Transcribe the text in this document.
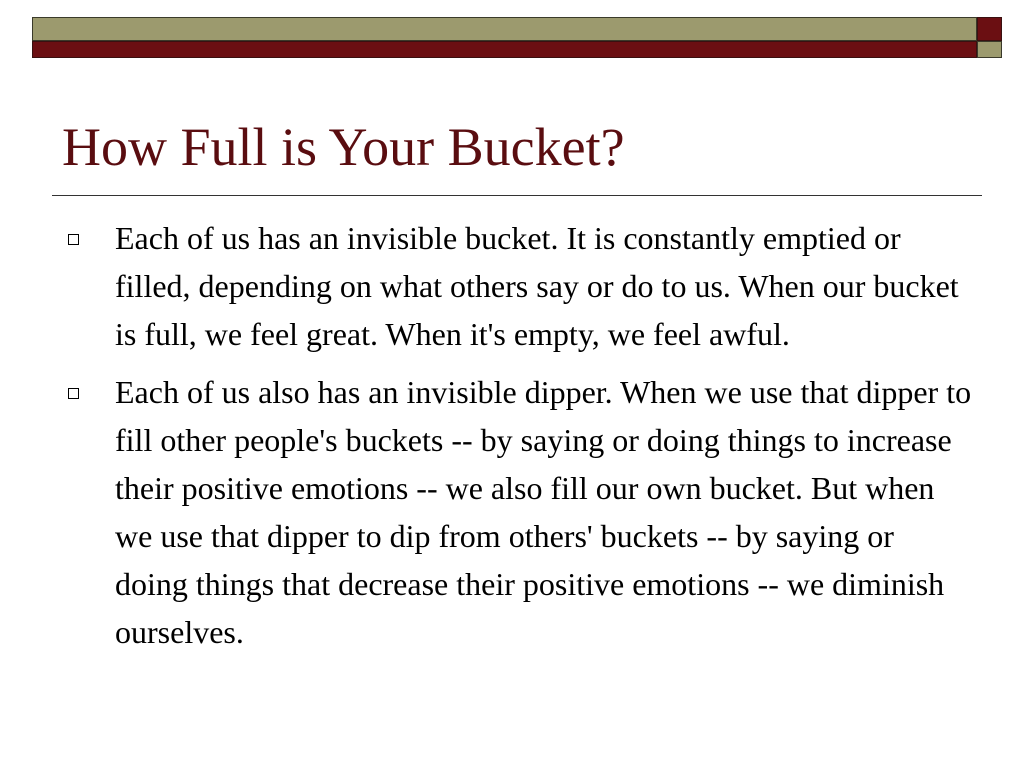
How Full is Your Bucket?
Each of us has an invisible bucket. It is constantly emptied or filled, depending on what others say or do to us. When our bucket is full, we feel great. When it's empty, we feel awful.
Each of us also has an invisible dipper. When we use that dipper to fill other people's buckets -- by saying or doing things to increase their positive emotions -- we also fill our own bucket. But when we use that dipper to dip from others' buckets -- by saying or doing things that decrease their positive emotions -- we diminish ourselves.
